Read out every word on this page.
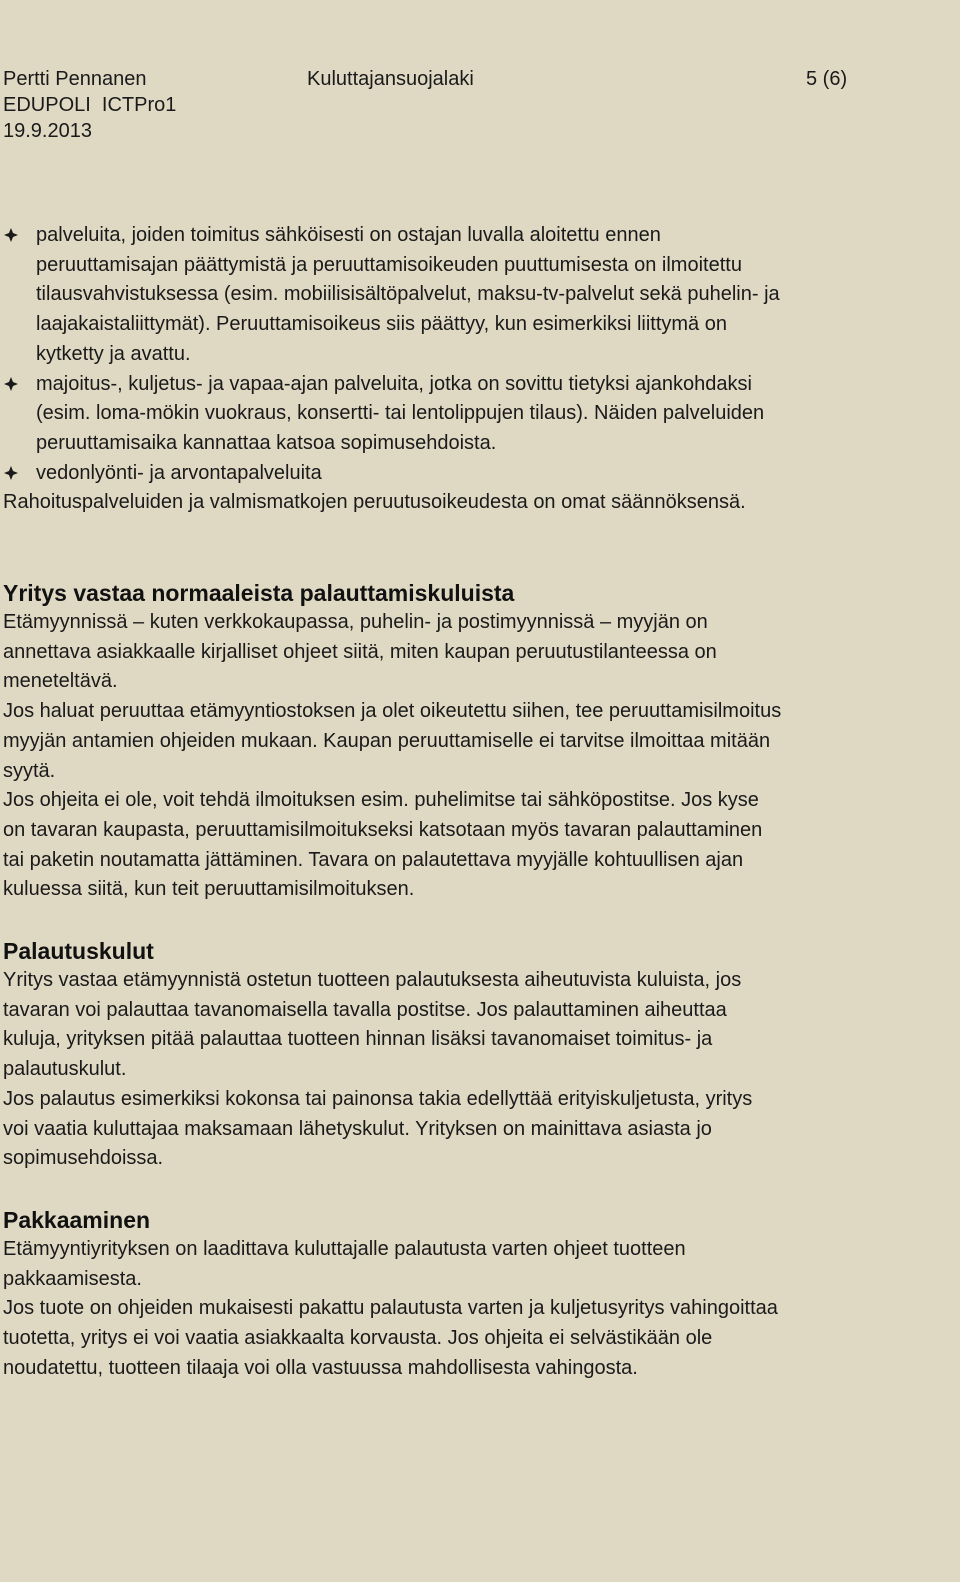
Pertti Pennanen	Kuluttajansuojalaki	5 (6)
EDUPOLI  ICTPro1
19.9.2013
palveluita, joiden toimitus sähköisesti on ostajan luvalla aloitettu ennen
peruuttamisajan päättymistä ja peruuttamisoikeuden puuttumisesta on ilmoitettu
tilausvahvistuksessa (esim. mobiilisisältöpalvelut, maksu-tv-palvelut sekä puhelin- ja
laajakaistaliittymät). Peruuttamisoikeus siis päättyy, kun esimerkiksi liittymä on
kytketty ja avattu.
majoitus-, kuljetus- ja vapaa-ajan palveluita, jotka on sovittu tietyksi ajankohdaksi
(esim. loma-mökin vuokraus, konsertti- tai lentolippujen tilaus). Näiden palveluiden
peruuttamisaika kannattaa katsoa sopimusehdoista.
vedonlyönti- ja arvontapalveluita
Rahoituspalveluiden ja valmismatkojen peruutusoikeudesta on omat säännöksensä.
Yritys vastaa normaaleista palauttamiskuluista
Etämyynnissä – kuten verkkokaupassa, puhelin- ja postimyynnissä – myyjän on
annettava asiakkaalle kirjalliset ohjeet siitä, miten kaupan peruutustilanteessa on
meneteltävä.
Jos haluat peruuttaa etämyyntiostoksen ja olet oikeutettu siihen, tee peruuttamisilmoitus
myyjän antamien ohjeiden mukaan. Kaupan peruuttamiselle ei tarvitse ilmoittaa mitään
syytä.
Jos ohjeita ei ole, voit tehdä ilmoituksen esim. puhelimitse tai sähköpostitse. Jos kyse
on tavaran kaupasta, peruuttamisilmoitukseksi katsotaan myös tavaran palauttaminen
tai paketin noutamatta jättäminen. Tavara on palautettava myyjälle kohtuullisen ajan
kuluessa siitä, kun teit peruuttamisilmoituksen.
Palautuskulut
Yritys vastaa etämyynnistä ostetun tuotteen palautuksesta aiheutuvista kuluista, jos
tavaran voi palauttaa tavanomaisella tavalla postitse. Jos palauttaminen aiheuttaa
kuluja, yrityksen pitää palauttaa tuotteen hinnan lisäksi tavanomaiset toimitus- ja
palautuskulut.
Jos palautus esimerkiksi kokonsa tai painonsa takia edellyttää erityiskuljetusta, yritys
voi vaatia kuluttajaa maksamaan lähetyskulut. Yrityksen on mainittava asiasta jo
sopimusehdoissa.
Pakkaaminen
Etämyyntiyrityksen on laadittava kuluttajalle palautusta varten ohjeet tuotteen
pakkaamisesta.
Jos tuote on ohjeiden mukaisesti pakattu palautusta varten ja kuljetusyritys vahingoittaa
tuotetta, yritys ei voi vaatia asiakkaalta korvausta. Jos ohjeita ei selvästikään ole
noudatettu, tuotteen tilaaja voi olla vastuussa mahdollisesta vahingosta.
